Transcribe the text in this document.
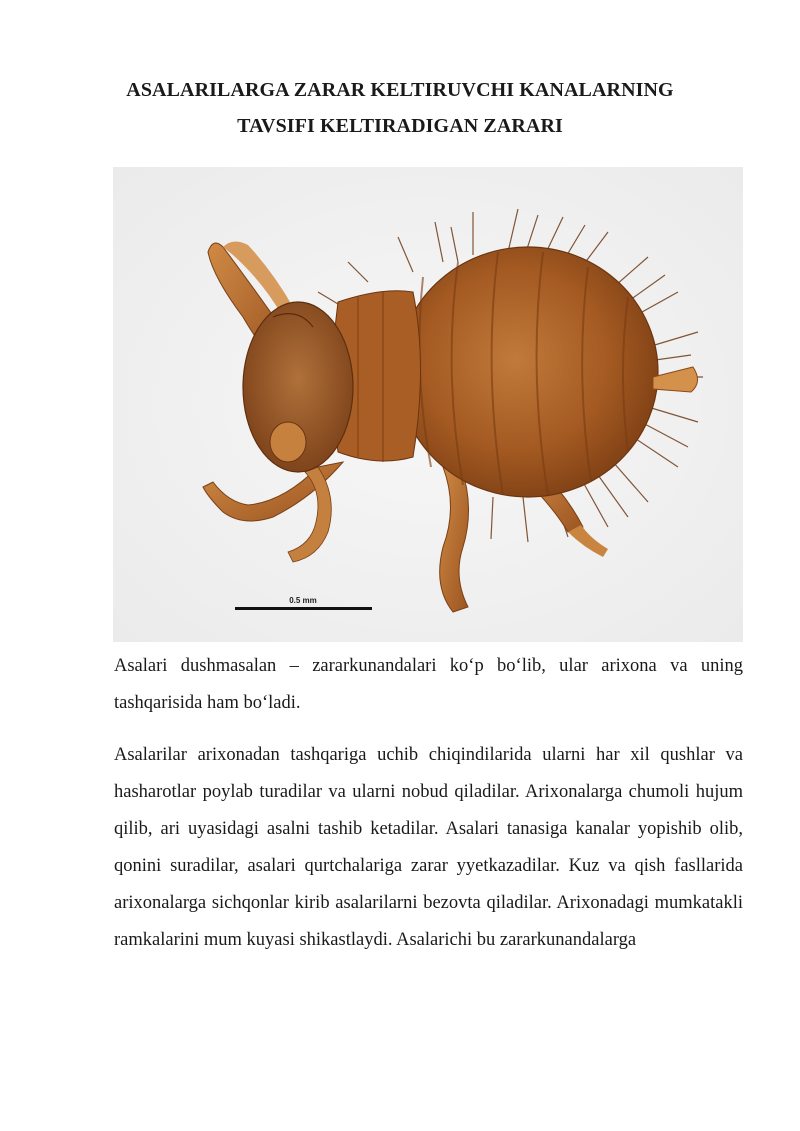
ASALARILARGA ZARAR KELTIRUVCHI KANALARNING
TAVSIFI KELTIRADIGAN ZARARI
0.5 mm

Asalari dushmasalan – zararkunandalari ko‘p bo‘lib, ular arixona va uning tashqarisida ham bo‘ladi.

Asalarilar arixonadan tashqariga uchib chiqindilarida ularni har xil qushlar va hasharotlar poylab turadilar va ularni nobud qiladilar. Arixonalarga chumoli hujum qilib, ari uyasidagi asalni tashib ketadilar. Asalari tanasiga kanalar yopishib olib, qonini suradilar, asalari qurtchalariga zarar yyetkazadilar. Kuz va qish fasllarida arixonalarga sichqonlar kirib asalarilarni bezovta qiladilar. Arixonadagi mumkatakli ramkalarini mum kuyasi shikastlaydi. Asalarichi bu zararkunandalarga
